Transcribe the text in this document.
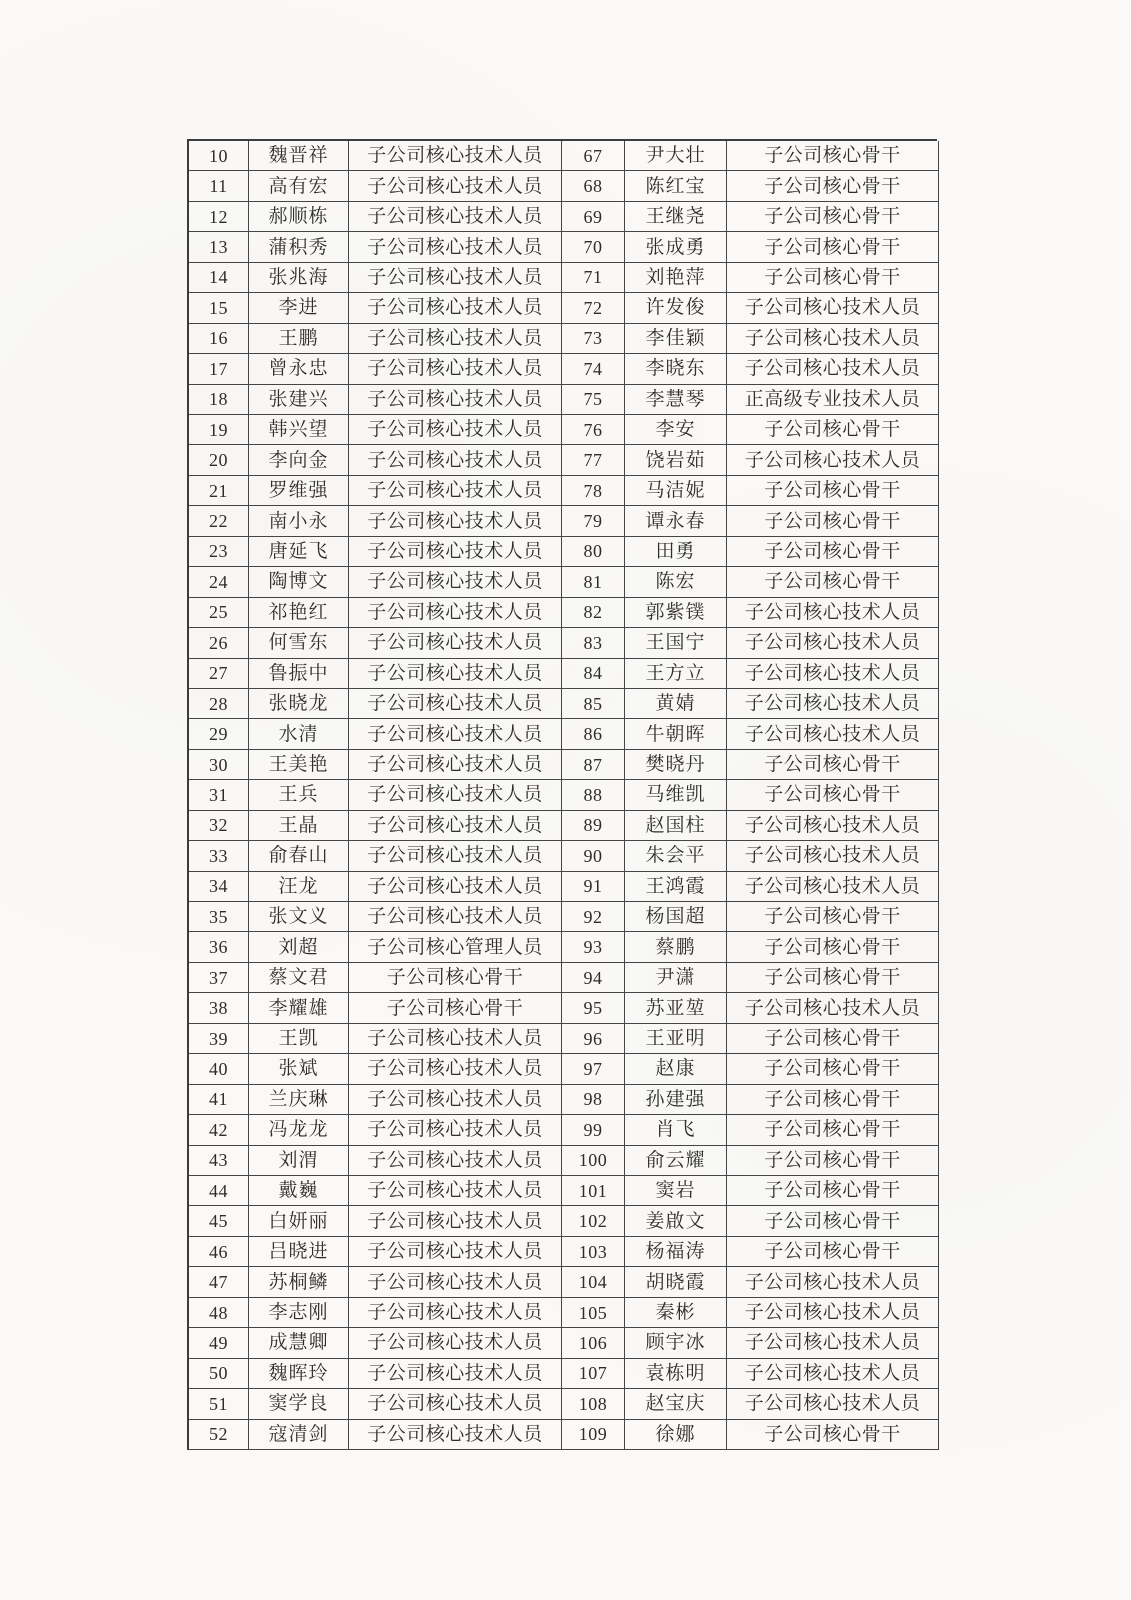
10	魏晋祥	子公司核心技术人员	67	尹大壮	子公司核心骨干
11	高有宏	子公司核心技术人员	68	陈红宝	子公司核心骨干
12	郝顺栋	子公司核心技术人员	69	王继尧	子公司核心骨干
13	蒲积秀	子公司核心技术人员	70	张成勇	子公司核心骨干
14	张兆海	子公司核心技术人员	71	刘艳萍	子公司核心骨干
15	李进	子公司核心技术人员	72	许发俊	子公司核心技术人员
16	王鹏	子公司核心技术人员	73	李佳颖	子公司核心技术人员
17	曾永忠	子公司核心技术人员	74	李晓东	子公司核心技术人员
18	张建兴	子公司核心技术人员	75	李慧琴	正高级专业技术人员
19	韩兴望	子公司核心技术人员	76	李安	子公司核心骨干
20	李向金	子公司核心技术人员	77	饶岩茹	子公司核心技术人员
21	罗维强	子公司核心技术人员	78	马洁妮	子公司核心骨干
22	南小永	子公司核心技术人员	79	谭永春	子公司核心骨干
23	唐延飞	子公司核心技术人员	80	田勇	子公司核心骨干
24	陶博文	子公司核心技术人员	81	陈宏	子公司核心骨干
25	祁艳红	子公司核心技术人员	82	郭紫镤	子公司核心技术人员
26	何雪东	子公司核心技术人员	83	王国宁	子公司核心技术人员
27	鲁振中	子公司核心技术人员	84	王方立	子公司核心技术人员
28	张晓龙	子公司核心技术人员	85	黄婧	子公司核心技术人员
29	水清	子公司核心技术人员	86	牛朝晖	子公司核心技术人员
30	王美艳	子公司核心技术人员	87	樊晓丹	子公司核心骨干
31	王兵	子公司核心技术人员	88	马维凯	子公司核心骨干
32	王晶	子公司核心技术人员	89	赵国柱	子公司核心技术人员
33	俞春山	子公司核心技术人员	90	朱会平	子公司核心技术人员
34	汪龙	子公司核心技术人员	91	王鸿霞	子公司核心技术人员
35	张文义	子公司核心技术人员	92	杨国超	子公司核心骨干
36	刘超	子公司核心管理人员	93	蔡鹏	子公司核心骨干
37	蔡文君	子公司核心骨干	94	尹潇	子公司核心骨干
38	李耀雄	子公司核心骨干	95	苏亚堃	子公司核心技术人员
39	王凯	子公司核心技术人员	96	王亚明	子公司核心骨干
40	张斌	子公司核心技术人员	97	赵康	子公司核心骨干
41	兰庆琳	子公司核心技术人员	98	孙建强	子公司核心骨干
42	冯龙龙	子公司核心技术人员	99	肖飞	子公司核心骨干
43	刘渭	子公司核心技术人员	100	俞云耀	子公司核心骨干
44	戴巍	子公司核心技术人员	101	窦岩	子公司核心骨干
45	白妍丽	子公司核心技术人员	102	姜啟文	子公司核心骨干
46	吕晓进	子公司核心技术人员	103	杨福涛	子公司核心骨干
47	苏桐鳞	子公司核心技术人员	104	胡晓霞	子公司核心技术人员
48	李志刚	子公司核心技术人员	105	秦彬	子公司核心技术人员
49	成慧卿	子公司核心技术人员	106	顾宇冰	子公司核心技术人员
50	魏晖玲	子公司核心技术人员	107	袁栋明	子公司核心技术人员
51	窦学良	子公司核心技术人员	108	赵宝庆	子公司核心技术人员
52	寇清剑	子公司核心技术人员	109	徐娜	子公司核心骨干
